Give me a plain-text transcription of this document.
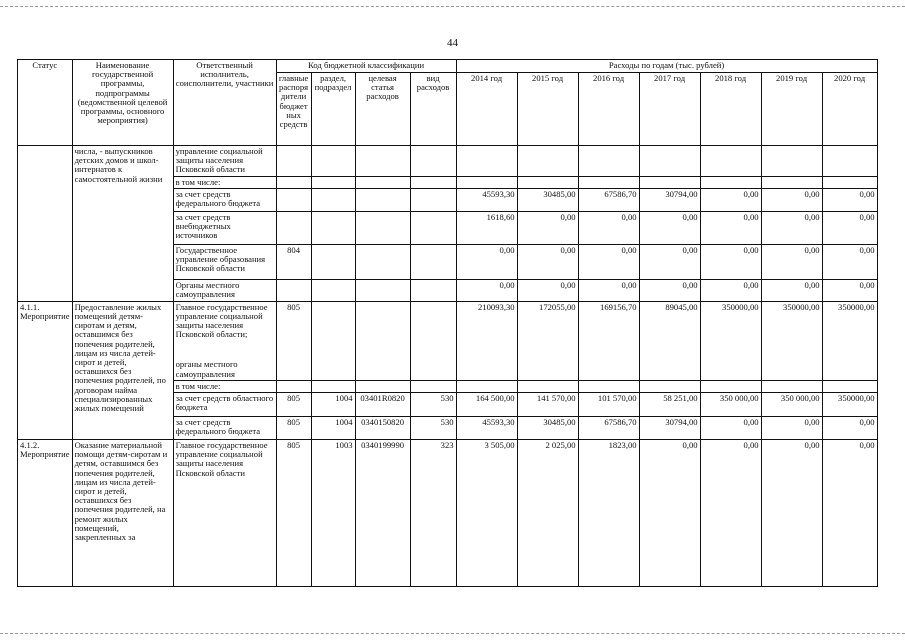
44
Статус	Наименование государственной программы, подпрограммы (ведомственной целевой программы, основного мероприятия)	Ответственный исполнитель, соисполнители, участники	Код бюджетной классификации				Расходы по годам (тыс. рублей)						
			главные распоря дители бюджет ных средств	раздел, подраздел	целевая статья расходов	вид расходов	2014 год	2015 год	2016 год	2017 год	2018 год	2019 год	2020 год
	числа, - выпускников детских домов и школ-интернатов к самостоятельной жизни	управление социальной защиты населения Псковской области											
		в том числе:											
		за счет средств федерального бюджета					45593,30	30485,00	67586,70	30794,00	0,00	0,00	0,00
		за счет средств внебюджетных источников					1618,60	0,00	0,00	0,00	0,00	0,00	0,00
		Государственное управление образования Псковской области	804				0,00	0,00	0,00	0,00	0,00	0,00	0,00
		Органы местного самоуправления					0,00	0,00	0,00	0,00	0,00	0,00	0,00
4.1.1. Мероприятие	Предоставление жилых помещений детям-сиротам и детям, оставшимся без попечения родителей, лицам из числа детей-сирот и детей, оставшихся без попечения родителей, по договорам найма специализированных жилых помещений	Главное государственное управление социальной защиты населения Псковской области;	805				210093,30	172055,00	169156,70	89045,00	350000,00	350000,00	350000,00
		органы местного самоуправления											
		в том числе:											
		за счет средств областного бюджета	805	1004	03401R0820	530	164 500,00	141 570,00	101 570,00	58 251,00	350 000,00	350 000,00	350000,00
		за счет средств федерального бюджета	805	1004	0340150820	530	45593,30	30485,00	67586,70	30794,00	0,00	0,00	0,00
4.1.2. Мероприятие	Оказание материальной помощи детям-сиротам и детям, оставшимся без попечения родителей, лицам из числа детей-сирот и детей, оставшихся без попечения родителей, на ремонт жилых помещений, закрепленных за	Главное государственное управление социальной защиты населения Псковской области	805	1003	0340199990	323	3 505,00	2 025,00	1823,00	0,00	0,00	0,00	0,00
